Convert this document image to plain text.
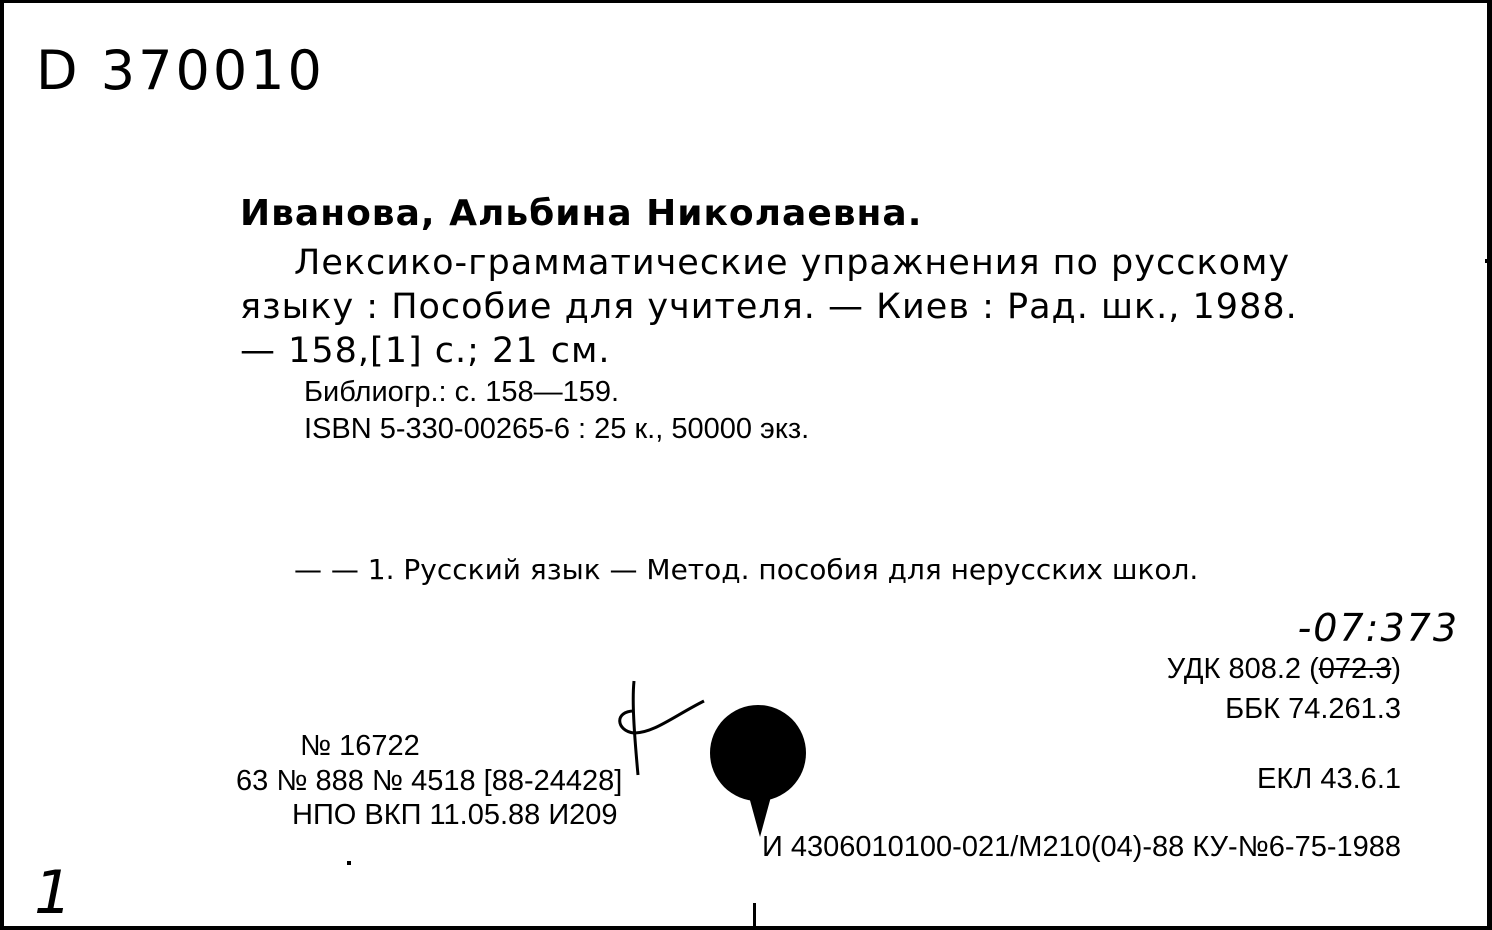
D 370010
Иванова, Альбина Николаевна.
Лексико-грамматические упражнения по русскому
языку : Пособие для учителя. — Киев : Рад. шк., 1988.
— 158,[1] с.; 21 см.
Библиогр.: с. 158—159.
ISBN 5-330-00265-6 : 25 к., 50000 экз.
— — 1. Русский язык — Метод. пособия для нерусских школ.
-07:373
УДК 808.2 (072.3)
ББК 74.261.3
ЕКЛ 43.6.1
№ 16722
63 № 888 № 4518 [88-24428]
НПО ВКП 11.05.88 И209
И 4306010100-021/М210(04)-88 КУ-№6-75-1988
1
